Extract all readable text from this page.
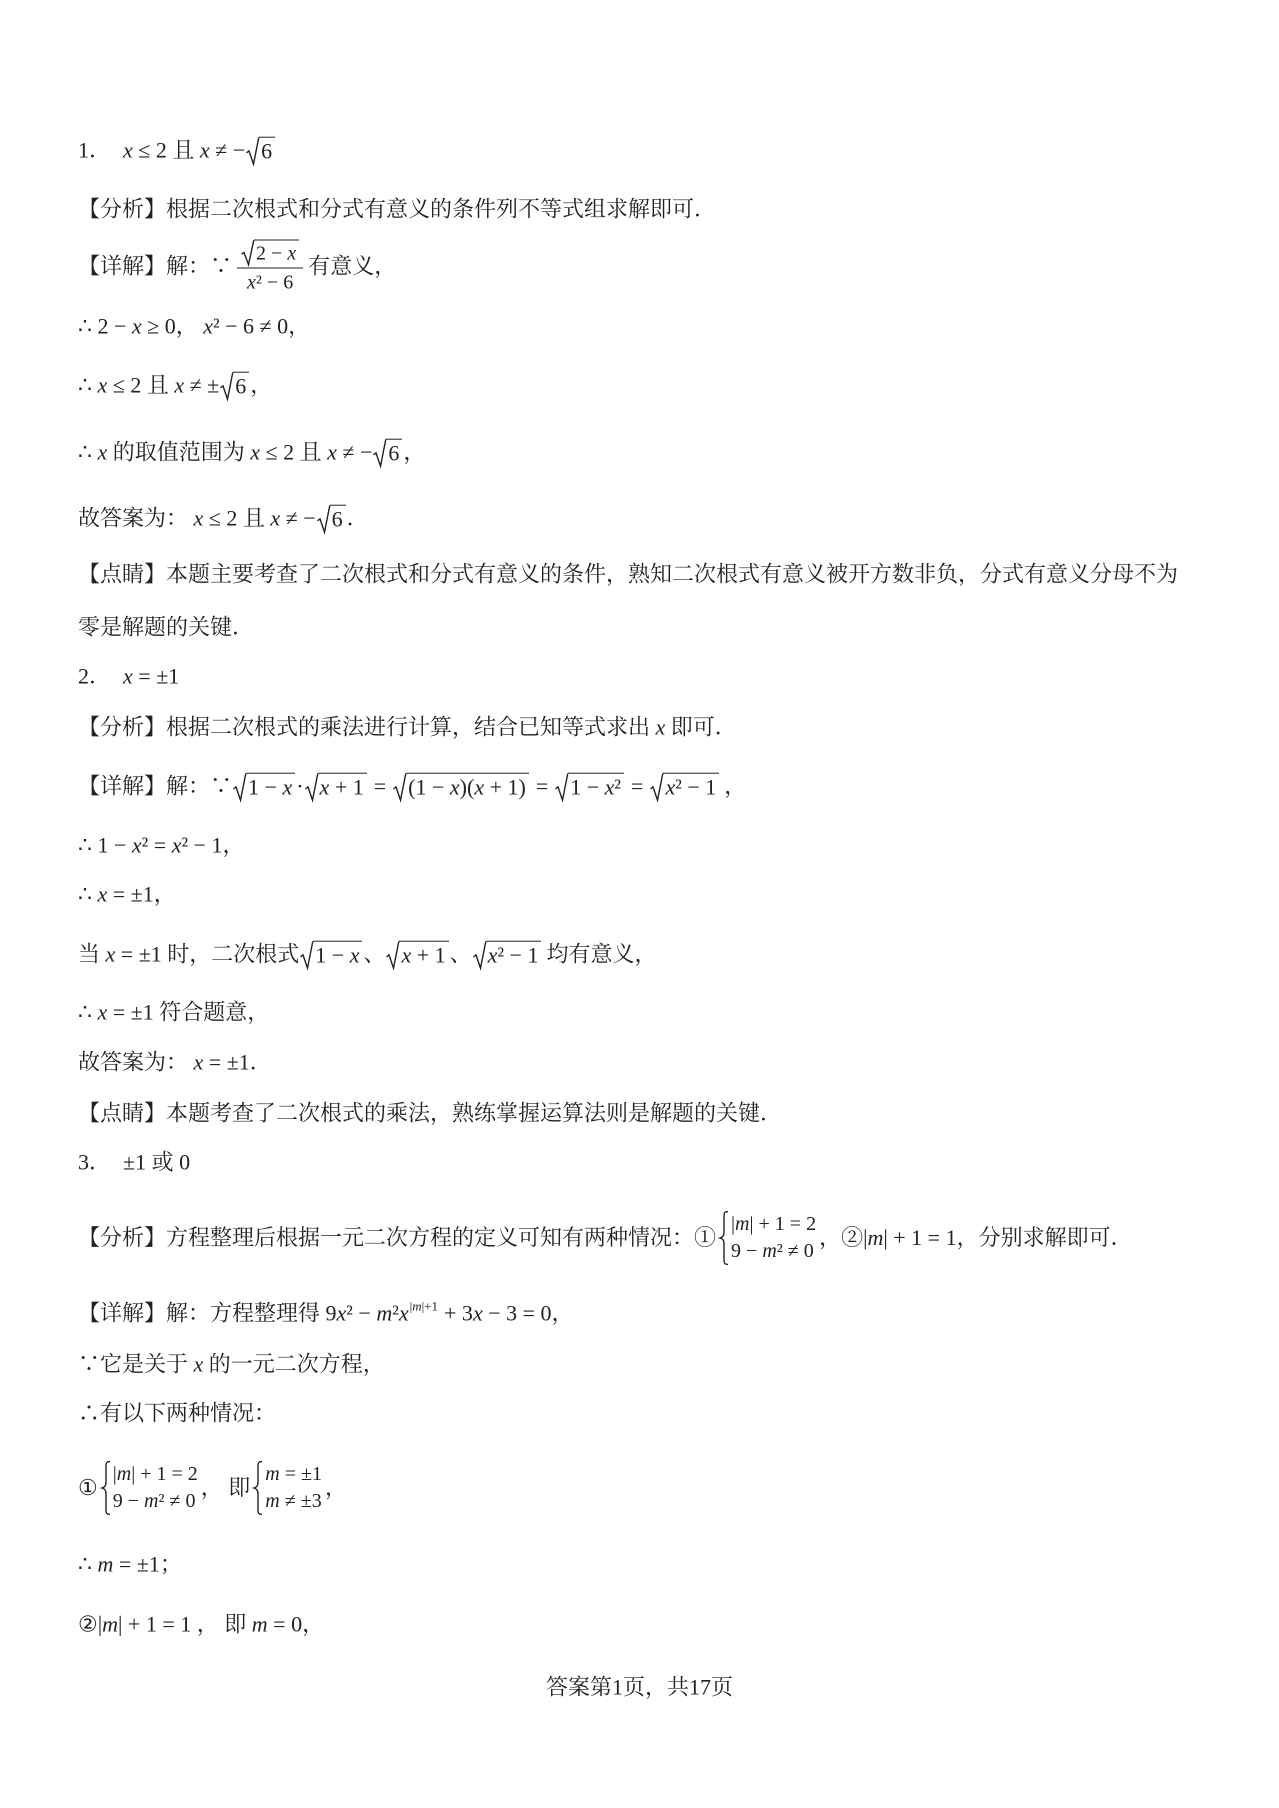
1． x ≤ 2 且 x ≠ − 6
【分析】 根据二次根式和分式有意义的条件列不等式组求解即可．
【详解】 解：∵ $\frac{2 - x}{\text{x² − 6}}$ 有意义，
∴ 2 − x ≥ 0， x² − 6 ≠ 0，
∴ x ≤ 2 且 x ≠ ± 6 ，
∴ x 的取值范围为 x ≤ 2 且 x ≠ − 6 ，
故答案为： x ≤ 2 且 x ≠ − 6 ．
【点睛】 本题主要考查了二次根式和分式有意义的条件，熟知二次根式有意义被开方数非负，分式有意义分母不为
零是解题的关键．
2． x = ±1
【分析】 根据二次根式的乘法进行计算，结合已知等式求出 x 即可．
【详解】 解：∵ 1 − x · x + 1 =	(1 − x)(x + 1) =	1 − x² =	x² − 1 ，
∴ 1 − x² = x² − 1，
∴ x = ±1，
当 x = ±1 时，二次根式 1 − x 、 x + 1 、 x² − 1 均有意义，
∴ x = ±1 符合题意，
故答案为： x = ±1．
【点睛】 本题考查了二次根式的乘法，熟练掌握运算法则是解题的关键．
3． ±1 或 0
【分析】 方程整理后根据一元二次方程的定义可知有两种情况：①
|m| + 1 = 2
9 − m² ≠ 0
，②|m| + 1 = 1，分别求解即可．
【详解】 解：方程整理得 9x² − m²x |m|+1 + 3x − 3 = 0，
∵它是关于 x 的一元二次方程，
∴有以下两种情况：
①
|m| + 1 = 2
9 − m² ≠ 0
， 即
m = ±1
m ≠ ±3
，
∴ m = ±1；
②|m| + 1 = 1 ， 即 m = 0，
答案第1页，共17页
